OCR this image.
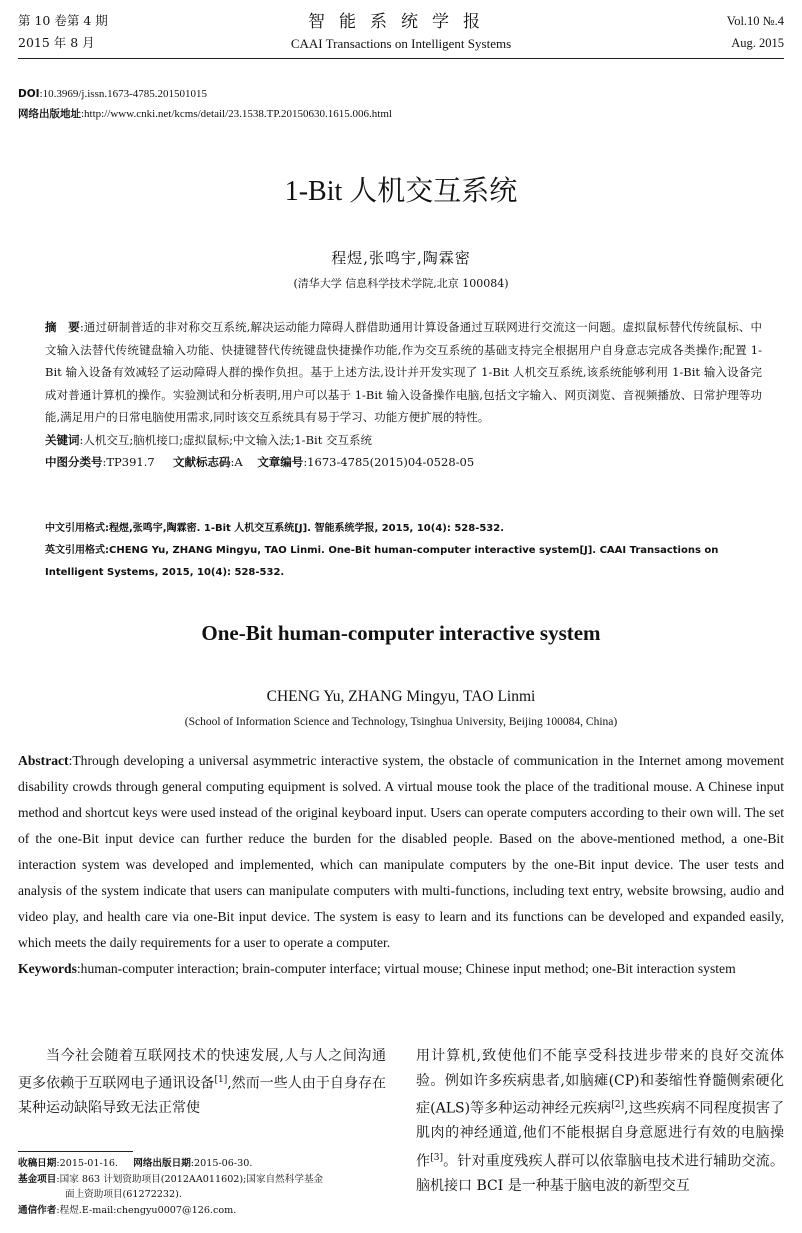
第 10 卷第 4 期
2015 年 8 月
智能系统学报
CAAI Transactions on Intelligent Systems
Vol.10 №.4
Aug. 2015
DOI:10.3969/j.issn.1673-4785.201501015
网络出版地址:http://www.cnki.net/kcms/detail/23.1538.TP.20150630.1615.006.html
1-Bit 人机交互系统
程煜,张鸣宇,陶霖密
(清华大学 信息科学技术学院,北京 100084)
摘　要:通过研制普适的非对称交互系统,解决运动能力障碍人群借助通用计算设备通过互联网进行交流这一问题。虚拟鼠标替代传统鼠标、中文输入法替代传统键盘输入功能、快捷键替代传统键盘快捷操作功能,作为交互系统的基础支持完全根据用户自身意志完成各类操作;配置 1-Bit 输入设备有效减轻了运动障碍人群的操作负担。基于上述方法,设计并开发实现了 1-Bit 人机交互系统,该系统能够利用 1-Bit 输入设备完成对普通计算机的操作。实验测试和分析表明,用户可以基于 1-Bit 输入设备操作电脑,包括文字输入、网页浏览、音视频播放、日常护理等功能,满足用户的日常电脑使用需求,同时该交互系统具有易于学习、功能方便扩展的特性。
关键词:人机交互;脑机接口;虚拟鼠标;中文输入法;1-Bit 交互系统
中图分类号:TP391.7 文献标志码:A 文章编号:1673-4785(2015)04-0528-05
中文引用格式:程煜,张鸣宇,陶霖密. 1-Bit 人机交互系统[J]. 智能系统学报, 2015, 10(4): 528-532.
英文引用格式:CHENG Yu, ZHANG Mingyu, TAO Linmi. One-Bit human-computer interactive system[J]. CAAI Transactions on Intelligent Systems, 2015, 10(4): 528-532.
One-Bit human-computer interactive system
CHENG Yu, ZHANG Mingyu, TAO Linmi
(School of Information Science and Technology, Tsinghua University, Beijing 100084, China)
Abstract:Through developing a universal asymmetric interactive system, the obstacle of communication in the Internet among movement disability crowds through general computing equipment is solved. A virtual mouse took the place of the traditional mouse. A Chinese input method and shortcut keys were used instead of the original keyboard input. Users can operate computers according to their own will. The set of the one-Bit input device can further reduce the burden for the disabled people. Based on the above-mentioned method, a one-Bit interaction system was developed and implemented, which can manipulate computers by the one-Bit input device. The user tests and analysis of the system indicate that users can manipulate computers with multi-functions, including text entry, website browsing, audio and video play, and health care via one-Bit input device. The system is easy to learn and its functions can be developed and expanded easily, which meets the daily requirements for a user to operate a computer.
Keywords:human-computer interaction; brain-computer interface; virtual mouse; Chinese input method; one-Bit interaction system
当今社会随着互联网技术的快速发展,人与人之间沟通更多依赖于互联网电子通讯设备[1],然而一些人由于自身存在某种运动缺陷导致无法正常使
用计算机,致使他们不能享受科技进步带来的良好交流体验。例如许多疾病患者,如脑瘫(CP)和萎缩性脊髓侧索硬化症(ALS)等多种运动神经元疾病[2],这些疾病不同程度损害了肌肉的神经通道,他们不能根据自身意愿进行有效的电脑操作[3]。针对重度残疾人群可以依靠脑电技术进行辅助交流。脑机接口 BCI 是一种基于脑电波的新型交互
收稿日期:2015-01-16. 网络出版日期:2015-06-30.
基金项目:国家 863 计划资助项目(2012AA011602);国家自然科学基金
面上资助项目(61272232).
通信作者:程煜.E-mail:chengyu0007@126.com.
